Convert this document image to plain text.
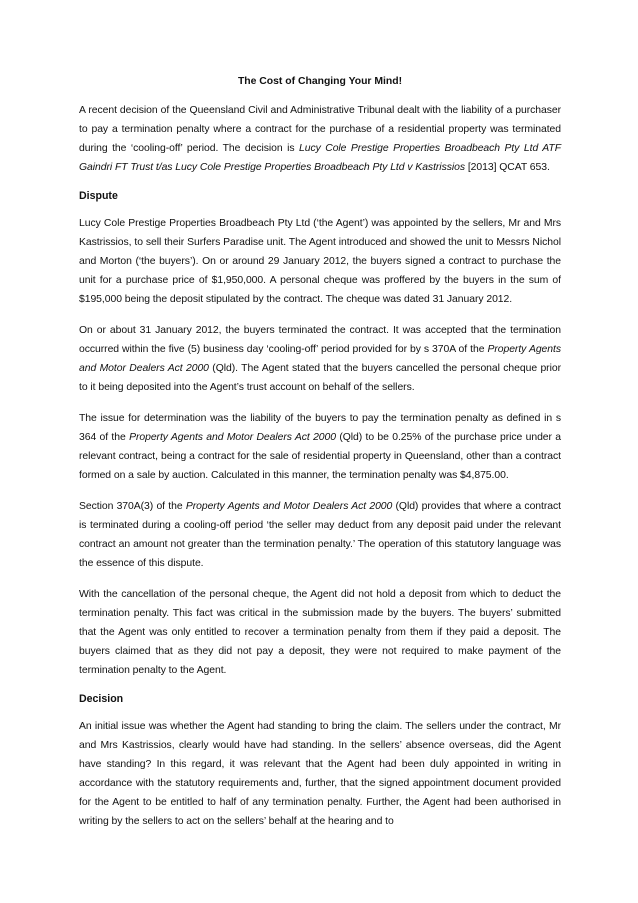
The Cost of Changing Your Mind!

A recent decision of the Queensland Civil and Administrative Tribunal dealt with the liability of a purchaser to pay a termination penalty where a contract for the purchase of a residential property was terminated during the ‘cooling-off’ period. The decision is Lucy Cole Prestige Properties Broadbeach Pty Ltd ATF Gaindri FT Trust t/as Lucy Cole Prestige Properties Broadbeach Pty Ltd v Kastrissios [2013] QCAT 653.

Dispute

Lucy Cole Prestige Properties Broadbeach Pty Ltd (‘the Agent’) was appointed by the sellers, Mr and Mrs Kastrissios, to sell their Surfers Paradise unit. The Agent introduced and showed the unit to Messrs Nichol and Morton (‘the buyers’). On or around 29 January 2012, the buyers signed a contract to purchase the unit for a purchase price of $1,950,000. A personal cheque was proffered by the buyers in the sum of $195,000 being the deposit stipulated by the contract. The cheque was dated 31 January 2012.

On or about 31 January 2012, the buyers terminated the contract. It was accepted that the termination occurred within the five (5) business day ‘cooling-off’ period provided for by s 370A of the Property Agents and Motor Dealers Act 2000 (Qld). The Agent stated that the buyers cancelled the personal cheque prior to it being deposited into the Agent’s trust account on behalf of the sellers.

The issue for determination was the liability of the buyers to pay the termination penalty as defined in s 364 of the Property Agents and Motor Dealers Act 2000 (Qld) to be 0.25% of the purchase price under a relevant contract, being a contract for the sale of residential property in Queensland, other than a contract formed on a sale by auction. Calculated in this manner, the termination penalty was $4,875.00.

Section 370A(3) of the Property Agents and Motor Dealers Act 2000 (Qld) provides that where a contract is terminated during a cooling-off period ‘the seller may deduct from any deposit paid under the relevant contract an amount not greater than the termination penalty.’ The operation of this statutory language was the essence of this dispute.

With the cancellation of the personal cheque, the Agent did not hold a deposit from which to deduct the termination penalty. This fact was critical in the submission made by the buyers. The buyers’ submitted that the Agent was only entitled to recover a termination penalty from them if they paid a deposit. The buyers claimed that as they did not pay a deposit, they were not required to make payment of the termination penalty to the Agent.

Decision

An initial issue was whether the Agent had standing to bring the claim. The sellers under the contract, Mr and Mrs Kastrissios, clearly would have had standing. In the sellers’ absence overseas, did the Agent have standing? In this regard, it was relevant that the Agent had been duly appointed in writing in accordance with the statutory requirements and, further, that the signed appointment document provided for the Agent to be entitled to half of any termination penalty. Further, the Agent had been authorised in writing by the sellers to act on the sellers’ behalf at the hearing and to
